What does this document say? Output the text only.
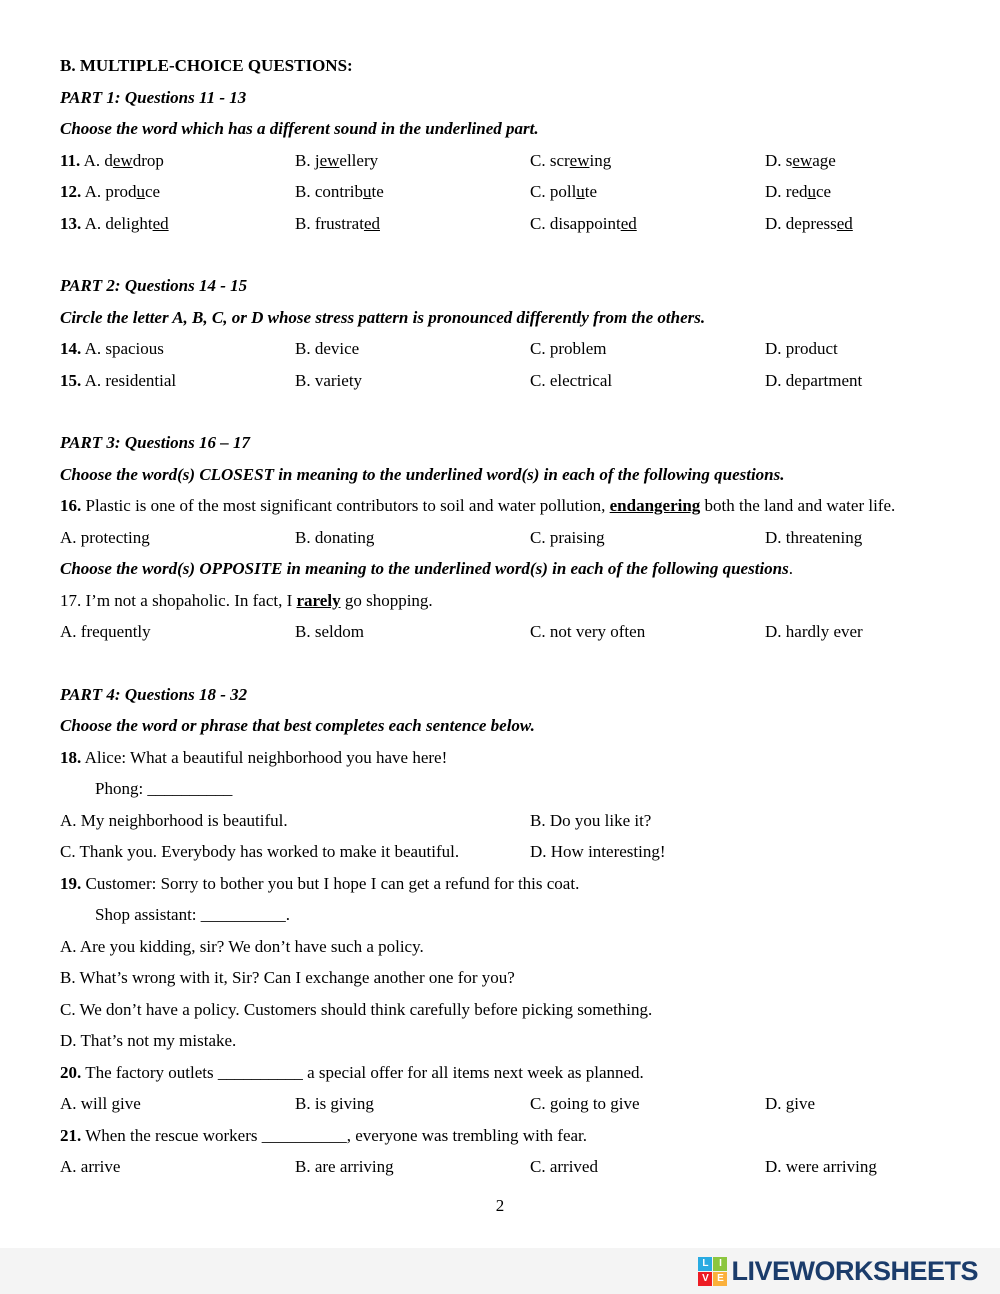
B. MULTIPLE-CHOICE QUESTIONS:
PART 1: Questions 11 - 13
Choose the word which has a different sound in the underlined part.
11. A. dewdrop	B. jewellery	C. screwing	D. sewage
12. A. produce	B. contribute	C. pollute	D. reduce
13. A. delighted	B. frustrated	C. disappointed	D. depressed
PART 2: Questions 14 - 15
Circle the letter A, B, C, or D whose stress pattern is pronounced differently from the others.
14. A. spacious	B. device	C. problem	D. product
15. A. residential	B. variety	C. electrical	D. department
PART 3: Questions 16 – 17
Choose the word(s) CLOSEST in meaning to the underlined word(s) in each of the following questions.
16. Plastic is one of the most significant contributors to soil and water pollution, endangering both the land and water life.
A. protecting	B. donating	C. praising	D. threatening
Choose the word(s) OPPOSITE in meaning to the underlined word(s) in each of the following questions.
17. I’m not a shopaholic. In fact, I rarely go shopping.
A. frequently	B. seldom	C. not very often	D. hardly ever
PART 4: Questions 18 - 32
Choose the word or phrase that best completes each sentence below.
18. Alice: What a beautiful neighborhood you have here!
Phong: __________
A. My neighborhood is beautiful.	B. Do you like it?
C. Thank you. Everybody has worked to make it beautiful.	D. How interesting!
19. Customer: Sorry to bother you but I hope I can get a refund for this coat.
Shop assistant: __________.
A. Are you kidding, sir? We don’t have such a policy.
B. What’s wrong with it, Sir? Can I exchange another one for you?
C. We don’t have a policy. Customers should think carefully before picking something.
D. That’s not my mistake.
20. The factory outlets __________ a special offer for all items next week as planned.
A. will give	B. is giving	C. going to give	D. give
21. When the rescue workers __________, everyone was trembling with fear.
A. arrive	B. are arriving	C. arrived	D. were arriving
2
L	I
V E LIVEWORKSHEETS
